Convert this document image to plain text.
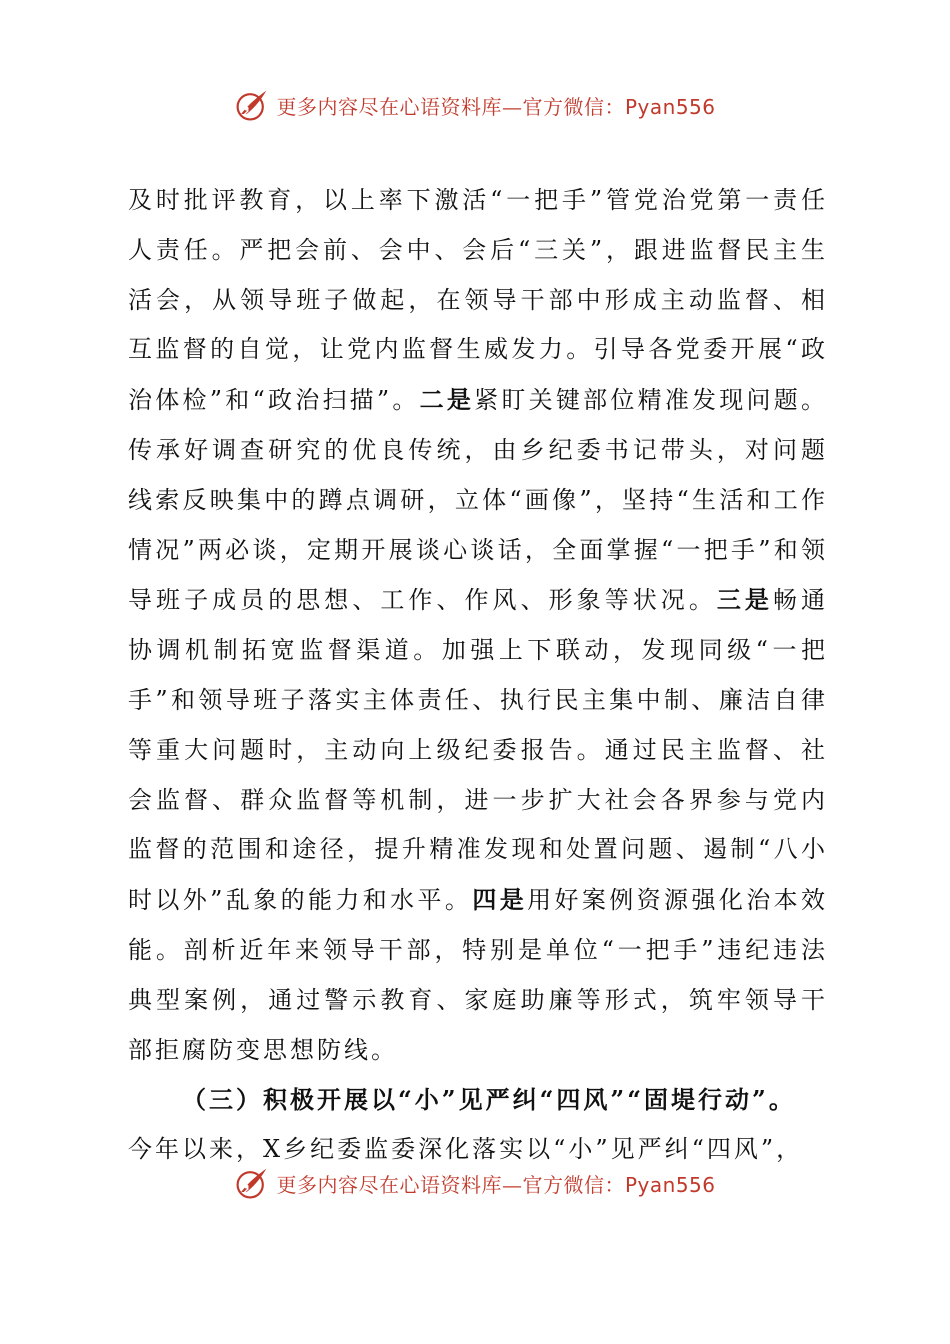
更多内容尽在心语资料库—官方微信：Pyan556

及时批评教育，以上率下激活“一把手”管党治党第一责任人责任。严把会前、会中、会后“三关”，跟进监督民主生活会，从领导班子做起，在领导干部中形成主动监督、相互监督的自觉，让党内监督生威发力。引导各党委开展“政治体检”和“政治扫描”。二是紧盯关键部位精准发现问题。传承好调查研究的优良传统，由乡纪委书记带头，对问题线索反映集中的蹲点调研，立体“画像”，坚持“生活和工作情况”两必谈，定期开展谈心谈话，全面掌握“一把手”和领导班子成员的思想、工作、作风、形象等状况。三是畅通协调机制拓宽监督渠道。加强上下联动，发现同级“一把手”和领导班子落实主体责任、执行民主集中制、廉洁自律等重大问题时，主动向上级纪委报告。通过民主监督、社会监督、群众监督等机制，进一步扩大社会各界参与党内监督的范围和途径，提升精准发现和处置问题、遏制“八小时以外”乱象的能力和水平。四是用好案例资源强化治本效能。剖析近年来领导干部，特别是单位“一把手”违纪违法典型案例，通过警示教育、家庭助廉等形式，筑牢领导干部拒腐防变思想防线。

（三）积极开展以“小”见严纠“四风”“固堤行动”。

今年以来，X乡纪委监委深化落实以“小”见严纠“四风”，

更多内容尽在心语资料库—官方微信：Pyan556
